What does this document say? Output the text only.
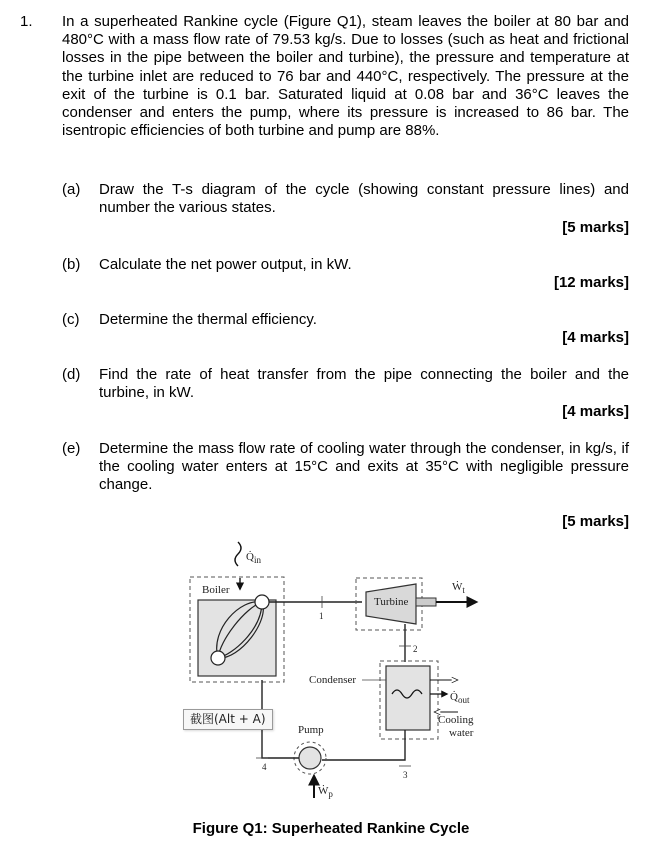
1. In a superheated Rankine cycle (Figure Q1), steam leaves the boiler at 80 bar and 480°C with a mass flow rate of 79.53 kg/s. Due to losses (such as heat and frictional losses in the pipe between the boiler and turbine), the pressure and temperature at the turbine inlet are reduced to 76 bar and 440°C, respectively. The pressure at the exit of the turbine is 0.1 bar. Saturated liquid at 0.08 bar and 36°C leaves the condenser and enters the pump, where its pressure is increased to 86 bar. The isentropic efficiencies of both turbine and pump are 88%.

(a) Draw the T-s diagram of the cycle (showing constant pressure lines) and number the various states.
[5 marks]
(b) Calculate the net power output, in kW.
[12 marks]
(c) Determine the thermal efficiency.
[4 marks]
(d) Find the rate of heat transfer from the pipe connecting the boiler and the turbine, in kW.
[4 marks]
(e) Determine the mass flow rate of cooling water through the condenser, in kg/s, if the cooling water enters at 15°C and exits at 35°C with negligible pressure change.
[5 marks]
$Q̇_{in}$
Boiler
1
Turbine
Ẇ$_t$
2
$Q̇_{out}$
Cooling
water
Condenser
3
Pump
Ẇ$_p$
4
截图(Alt + A)
Figure Q1: Superheated Rankine Cycle
